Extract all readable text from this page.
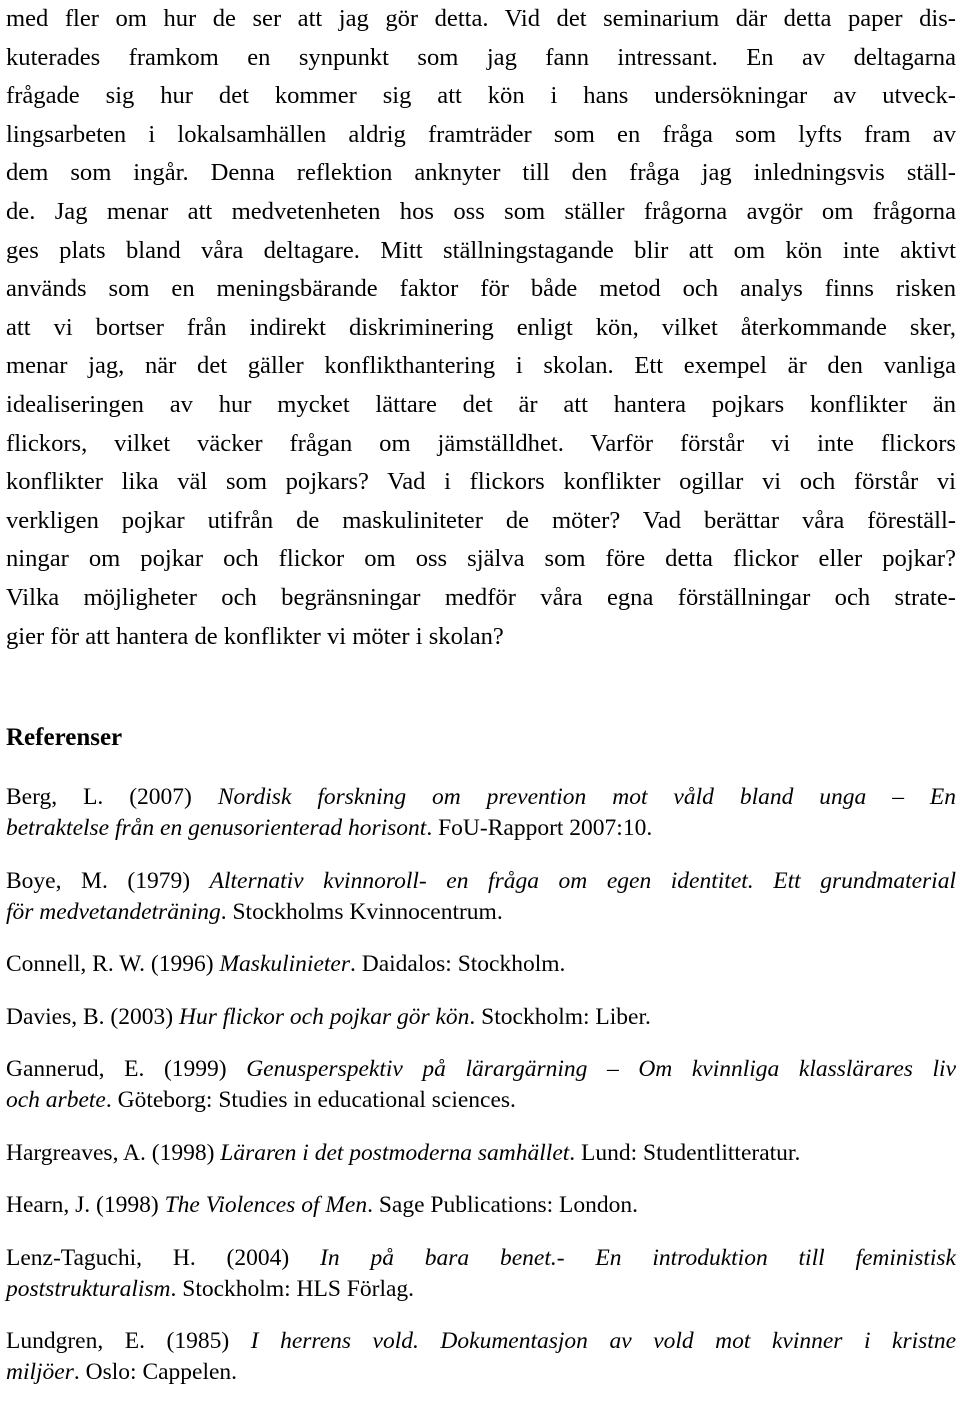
med fler om hur de ser att jag gör detta. Vid det seminarium där detta paper dis-
kuterades framkom en synpunkt som jag fann intressant. En av deltagarna
frågade sig hur det kommer sig att kön i hans undersökningar av utveck-
lingsarbeten i lokalsamhällen aldrig framträder som en fråga som lyfts fram av
dem som ingår. Denna reflektion anknyter till den fråga jag inledningsvis ställ-
de. Jag menar att medvetenheten hos oss som ställer frågorna avgör om frågorna
ges plats bland våra deltagare. Mitt ställningstagande blir att om kön inte aktivt
används som en meningsbärande faktor för både metod och analys finns risken
att vi bortser från indirekt diskriminering enligt kön, vilket återkommande sker,
menar jag, när det gäller konflikthantering i skolan. Ett exempel är den vanliga
idealiseringen av hur mycket lättare det är att hantera pojkars konflikter än
flickors, vilket väcker frågan om jämställdhet. Varför förstår vi inte flickors
konflikter lika väl som pojkars? Vad i flickors konflikter ogillar vi och förstår vi
verkligen pojkar utifrån de maskuliniteter de möter? Vad berättar våra föreställ-
ningar om pojkar och flickor om oss själva som före detta flickor eller pojkar?
Vilka möjligheter och begränsningar medför våra egna förställningar och strate-
gier för att hantera de konflikter vi möter i skolan?

Referenser
Berg, L. (2007) Nordisk forskning om prevention mot våld bland unga – En
betraktelse från en genusorienterad horisont. FoU-Rapport 2007:10.
Boye, M. (1979) Alternativ kvinnoroll- en fråga om egen identitet. Ett grundmaterial
för medvetandeträning. Stockholms Kvinnocentrum.
Connell, R. W. (1996) Maskulinieter. Daidalos: Stockholm.
Davies, B. (2003) Hur flickor och pojkar gör kön. Stockholm: Liber.
Gannerud, E. (1999) Genusperspektiv på lärargärning – Om kvinnliga klasslärares liv
och arbete. Göteborg: Studies in educational sciences.
Hargreaves, A. (1998) Läraren i det postmoderna samhället. Lund: Studentlitteratur.
Hearn, J. (1998) The Violences of Men. Sage Publications: London.
Lenz-Taguchi, H. (2004) In på bara benet.- En introduktion till feministisk
poststrukturalism. Stockholm: HLS Förlag.
Lundgren, E. (1985) I herrens vold. Dokumentasjon av vold mot kvinner i kristne
miljöer. Oslo: Cappelen.
